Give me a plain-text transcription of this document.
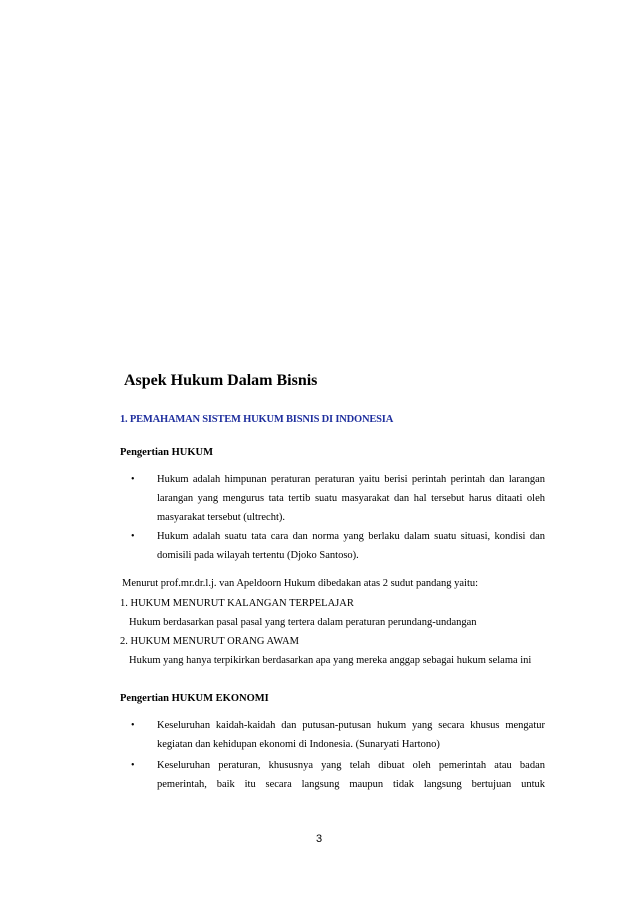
Aspek Hukum Dalam Bisnis
1. PEMAHAMAN SISTEM HUKUM BISNIS DI INDONESIA
Pengertian HUKUM
• Hukum adalah himpunan peraturan peraturan yaitu berisi perintah perintah dan larangan
larangan yang mengurus tata tertib suatu masyarakat dan hal tersebut harus ditaati oleh
masyarakat tersebut (ultrecht).
• Hukum adalah suatu tata cara dan norma yang berlaku dalam suatu situasi, kondisi dan
domisili pada wilayah tertentu (Djoko Santoso).
Menurut prof.mr.dr.l.j. van Apeldoorn Hukum dibedakan atas 2 sudut pandang yaitu:
1. HUKUM MENURUT KALANGAN TERPELAJAR
Hukum berdasarkan pasal pasal yang tertera dalam peraturan perundang-undangan
2. HUKUM MENURUT ORANG AWAM
Hukum yang hanya terpikirkan berdasarkan apa yang mereka anggap sebagai hukum selama ini
Pengertian HUKUM EKONOMI
• Keseluruhan kaidah-kaidah dan putusan-putusan hukum yang secara khusus mengatur
kegiatan dan kehidupan ekonomi di Indonesia. (Sunaryati Hartono)
• Keseluruhan peraturan, khususnya yang telah dibuat oleh pemerintah atau badan
pemerintah, baik itu secara langsung maupun tidak langsung bertujuan untuk
3
